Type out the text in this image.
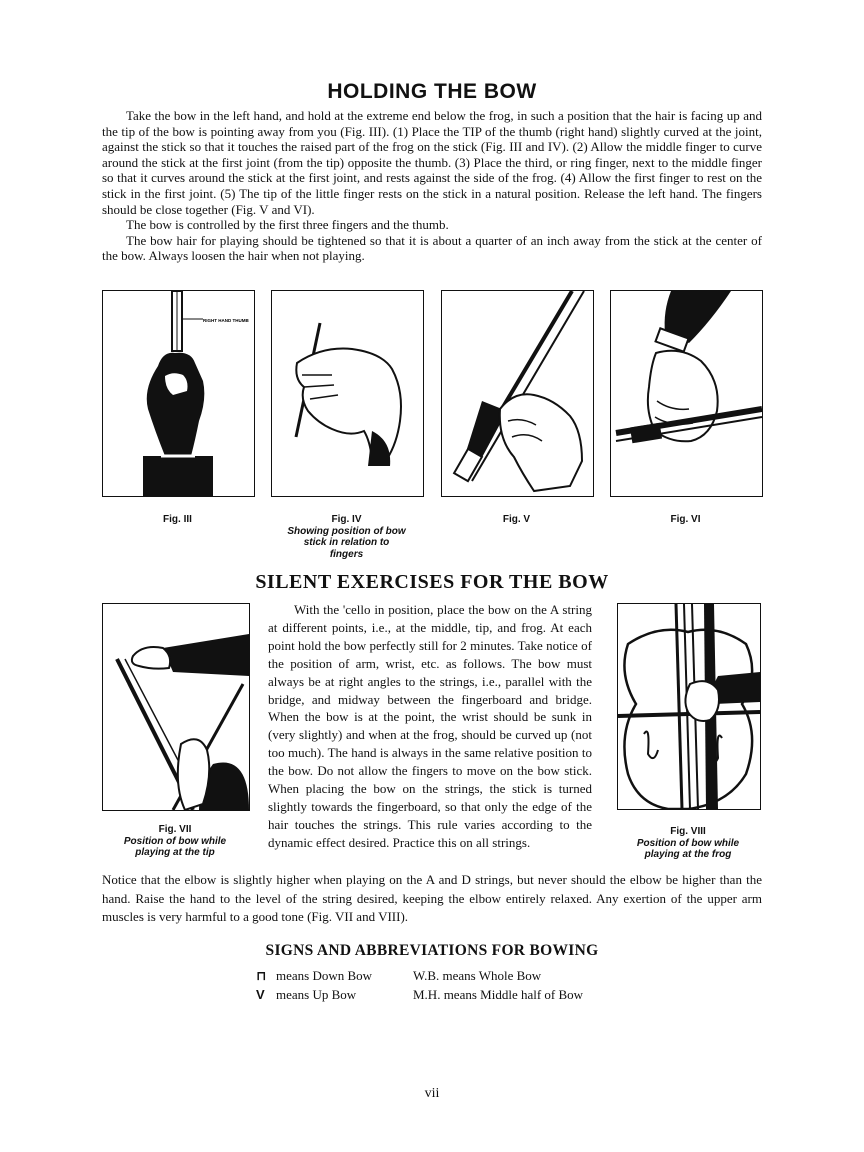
HOLDING THE BOW

Take the bow in the left hand, and hold at the extreme end below the frog, in such a position that the hair is facing up and the tip of the bow is pointing away from you (Fig. III). (1) Place the TIP of the thumb (right hand) slightly curved at the joint, against the stick so that it touches the raised part of the frog on the stick (Fig. III and IV). (2) Allow the middle finger to curve around the stick at the first joint (from the tip) opposite the thumb. (3) Place the third, or ring finger, next to the middle finger so that it curves around the stick at the first joint, and rests against the side of the frog. (4) Allow the first finger to rest on the stick in the first joint. (5) The tip of the little finger rests on the stick in a natural position. Release the left hand. The fingers should be close together (Fig. V and VI).

The bow is controlled by the first three fingers and the thumb.

The bow hair for playing should be tightened so that it is about a quarter of an inch away from the stick at the center of the bow. Always loosen the hair when not playing.

RIGHT HAND THUMB
Fig. III	Fig. IV
Showing position of bow stick in relation to fingers
Fig. V	Fig. VI
SILENT EXERCISES FOR THE BOW
Fig. VII
Position of bow while playing at the tip

With the 'cello in position, place the bow on the A string at different points, i.e., at the middle, tip, and frog. At each point hold the bow perfectly still for 2 minutes. Take notice of the position of arm, wrist, etc. as follows. The bow must always be at right angles to the strings, i.e., parallel with the bridge, and midway between the fingerboard and bridge. When the bow is at the point, the wrist should be sunk in (very slightly) and when at the frog, should be curved up (not too much). The hand is always in the same relative position to the bow. Do not allow the fingers to move on the bow stick. When placing the bow on the strings, the stick is turned slightly towards the fingerboard, so that only the edge of the hair touches the strings. This rule varies according to the dynamic effect desired. Practice this on all strings.

Fig. VIII
Position of bow while playing at the frog

Notice that the elbow is slightly higher when playing on the A and D strings, but never should the elbow be higher than the hand. Raise the hand to the level of the string desired, keeping the elbow entirely relaxed. Any exertion of the upper arm muscles is very harmful to a good tone (Fig. VII and VIII).

SIGNS AND ABBREVIATIONS FOR BOWING
⊓ means Down Bow
V means Up Bow
W.B. means Whole Bow
M.H. means Middle half of Bow
vii
